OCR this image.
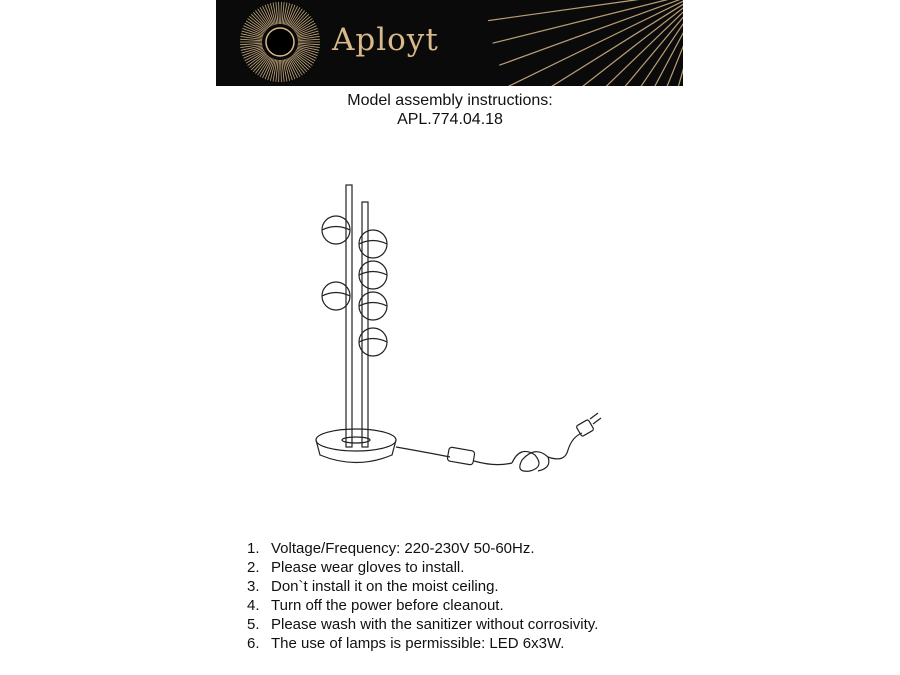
Aployt
Model assembly instructions:
APL.774.04.18
1. Voltage/Frequency: 220-230V 50-60Hz.
2. Please wear gloves to install.
3. Don`t install it on the moist ceiling.
4. Turn off the power before cleanout.
5. Please wash with the sanitizer without corrosivity.
6. The use of lamps is permissible: LED 6x3W.
